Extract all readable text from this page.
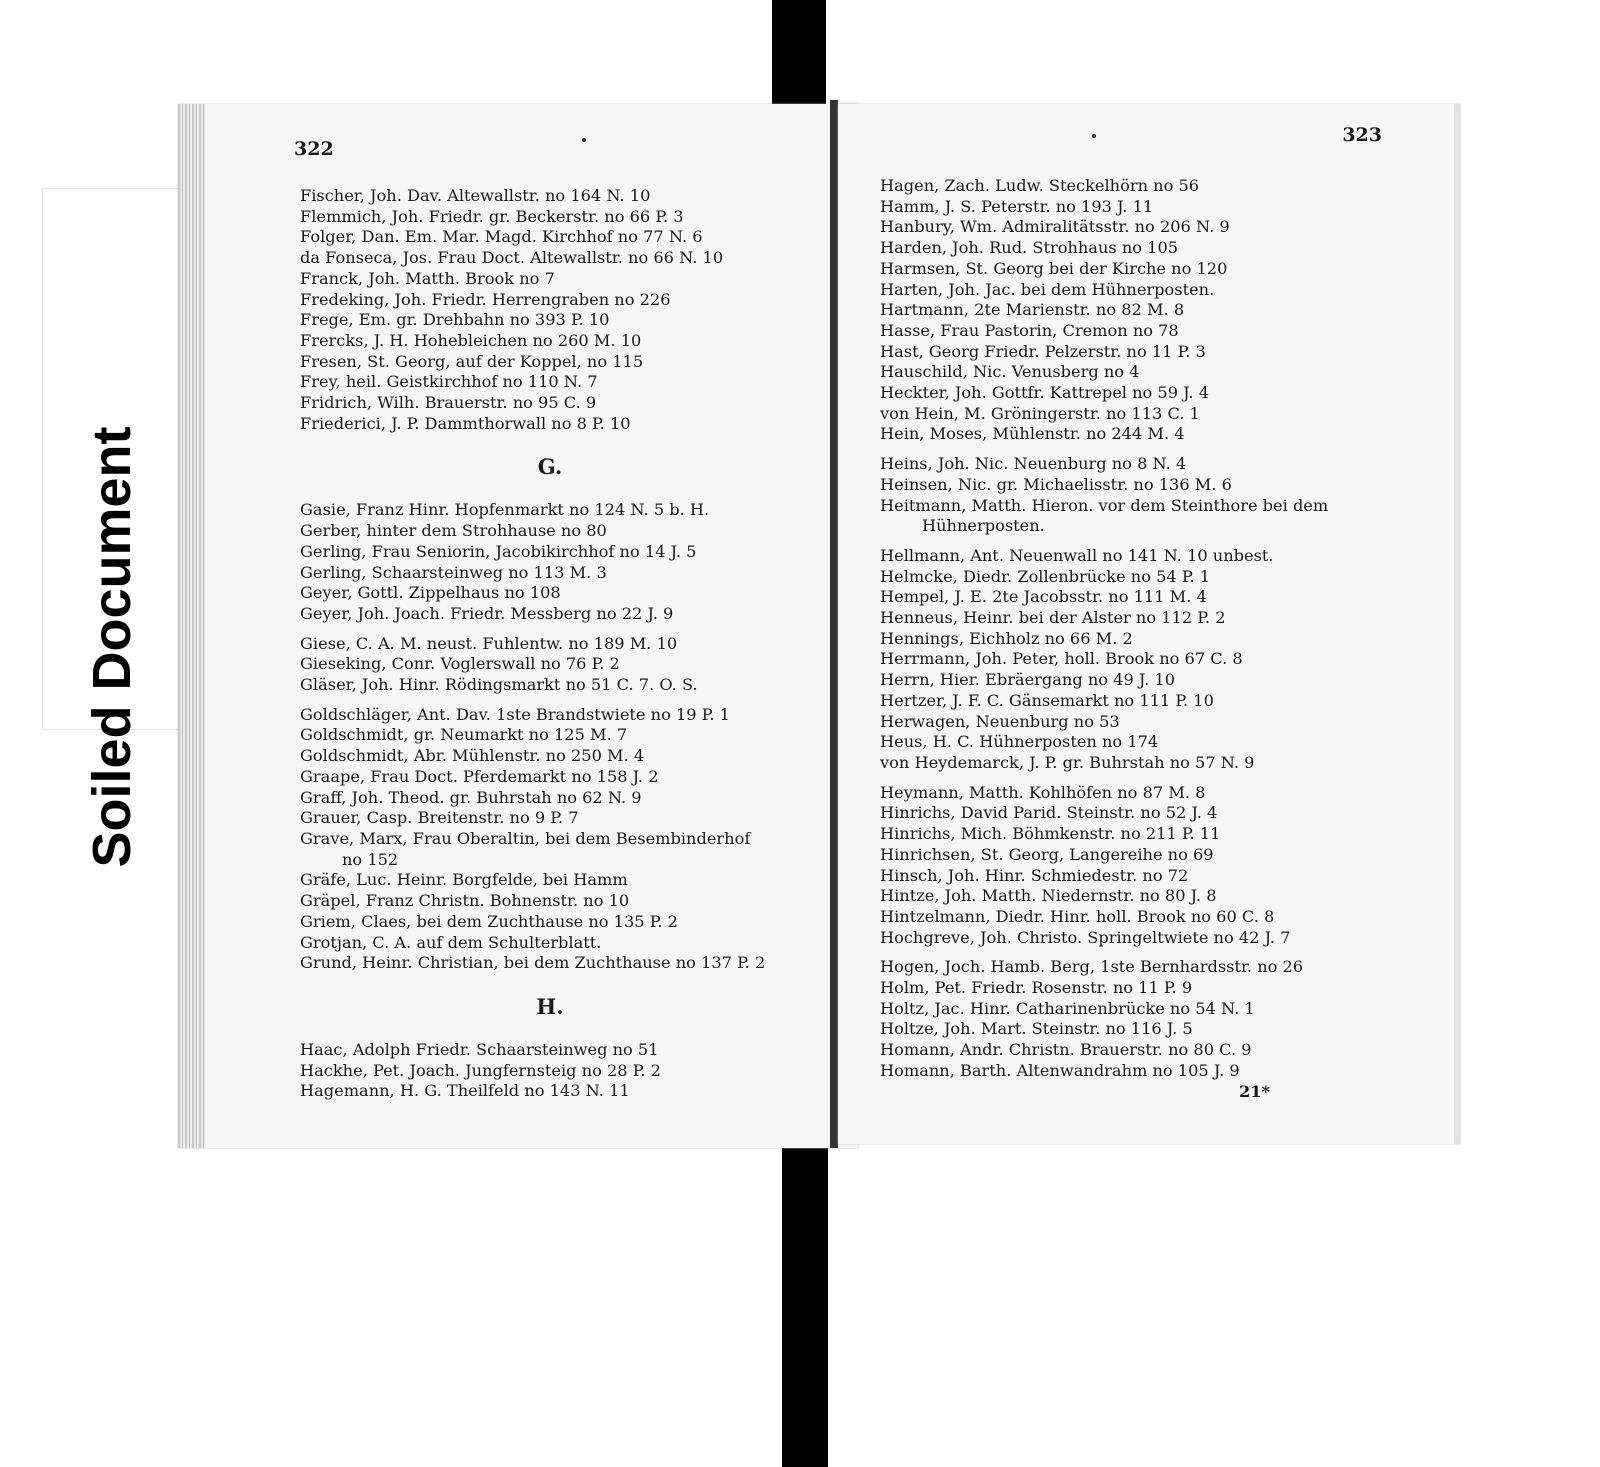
Soiled Document
322
Fischer, Joh. Dav. Altewallstr. no 164 N. 10
Flemmich, Joh. Friedr. gr. Beckerstr. no 66 P. 3
Folger, Dan. Em. Mar. Magd. Kirchhof no 77 N. 6
da Fonseca, Jos. Frau Doct. Altewallstr. no 66 N. 10
Franck, Joh. Matth. Brook no 7
Fredeking, Joh. Friedr. Herrengraben no 226
Frege, Em. gr. Drehbahn no 393 P. 10
Frercks, J. H. Hohebleichen no 260 M. 10
Fresen, St. Georg, auf der Koppel, no 115
Frey, heil. Geistkirchhof no 110 N. 7
Fridrich, Wilh. Brauerstr. no 95 C. 9
Friederici, J. P. Dammthorwall no 8 P. 10
G.
Gasie, Franz Hinr. Hopfenmarkt no 124 N. 5 b. H.
Gerber, hinter dem Strohhause no 80
Gerling, Frau Seniorin, Jacobikirchhof no 14 J. 5
Gerling, Schaarsteinweg no 113 M. 3
Geyer, Gottl. Zippelhaus no 108
Geyer, Joh. Joach. Friedr. Messberg no 22 J. 9
Giese, C. A. M. neust. Fuhlentw. no 189 M. 10
Gieseking, Conr. Voglerswall no 76 P. 2
Gläser, Joh. Hinr. Rödingsmarkt no 51 C. 7. O. S.
Goldschläger, Ant. Dav. 1ste Brandstwiete no 19 P. 1
Goldschmidt, gr. Neumarkt no 125 M. 7
Goldschmidt, Abr. Mühlenstr. no 250 M. 4
Graape, Frau Doct. Pferdemarkt no 158 J. 2
Graff, Joh. Theod. gr. Buhrstah no 62 N. 9
Grauer, Casp. Breitenstr. no 9 P. 7
Grave, Marx, Frau Oberaltin, bei dem Besembinderhof
no 152
Gräfe, Luc. Heinr. Borgfelde, bei Hamm
Gräpel, Franz Christn. Bohnenstr. no 10
Griem, Claes, bei dem Zuchthause no 135 P. 2
Grotjan, C. A. auf dem Schulterblatt.
Grund, Heinr. Christian, bei dem Zuchthause no 137 P. 2
H.
Haac, Adolph Friedr. Schaarsteinweg no 51
Hackhe, Pet. Joach. Jungfernsteig no 28 P. 2
Hagemann, H. G. Theilfeld no 143 N. 11
323
Hagen, Zach. Ludw. Steckelhörn no 56
Hamm, J. S. Peterstr. no 193 J. 11
Hanbury, Wm. Admiralitätsstr. no 206 N. 9
Harden, Joh. Rud. Strohhaus no 105
Harmsen, St. Georg bei der Kirche no 120
Harten, Joh. Jac. bei dem Hühnerposten.
Hartmann, 2te Marienstr. no 82 M. 8
Hasse, Frau Pastorin, Cremon no 78
Hast, Georg Friedr. Pelzerstr. no 11 P. 3
Hauschild, Nic. Venusberg no 4
Heckter, Joh. Gottfr. Kattrepel no 59 J. 4
von Hein, M. Gröningerstr. no 113 C. 1
Hein, Moses, Mühlenstr. no 244 M. 4
Heins, Joh. Nic. Neuenburg no 8 N. 4
Heinsen, Nic. gr. Michaelisstr. no 136 M. 6
Heitmann, Matth. Hieron. vor dem Steinthore bei dem
Hühnerposten.
Hellmann, Ant. Neuenwall no 141 N. 10 unbest.
Helmcke, Diedr. Zollenbrücke no 54 P. 1
Hempel, J. E. 2te Jacobsstr. no 111 M. 4
Henneus, Heinr. bei der Alster no 112 P. 2
Hennings, Eichholz no 66 M. 2
Herrmann, Joh. Peter, holl. Brook no 67 C. 8
Herrn, Hier. Ebräergang no 49 J. 10
Hertzer, J. F. C. Gänsemarkt no 111 P. 10
Herwagen, Neuenburg no 53
Heus, H. C. Hühnerposten no 174
von Heydemarck, J. P. gr. Buhrstah no 57 N. 9
Heymann, Matth. Kohlhöfen no 87 M. 8
Hinrichs, David Parid. Steinstr. no 52 J. 4
Hinrichs, Mich. Böhmkenstr. no 211 P. 11
Hinrichsen, St. Georg, Langereihe no 69
Hinsch, Joh. Hinr. Schmiedestr. no 72
Hintze, Joh. Matth. Niedernstr. no 80 J. 8
Hintzelmann, Diedr. Hinr. holl. Brook no 60 C. 8
Hochgreve, Joh. Christo. Springeltwiete no 42 J. 7
Hogen, Joch. Hamb. Berg, 1ste Bernhardsstr. no 26
Holm, Pet. Friedr. Rosenstr. no 11 P. 9
Holtz, Jac. Hinr. Catharinenbrücke no 54 N. 1
Holtze, Joh. Mart. Steinstr. no 116 J. 5
Homann, Andr. Christn. Brauerstr. no 80 C. 9
Homann, Barth. Altenwandrahm no 105 J. 9
21*
